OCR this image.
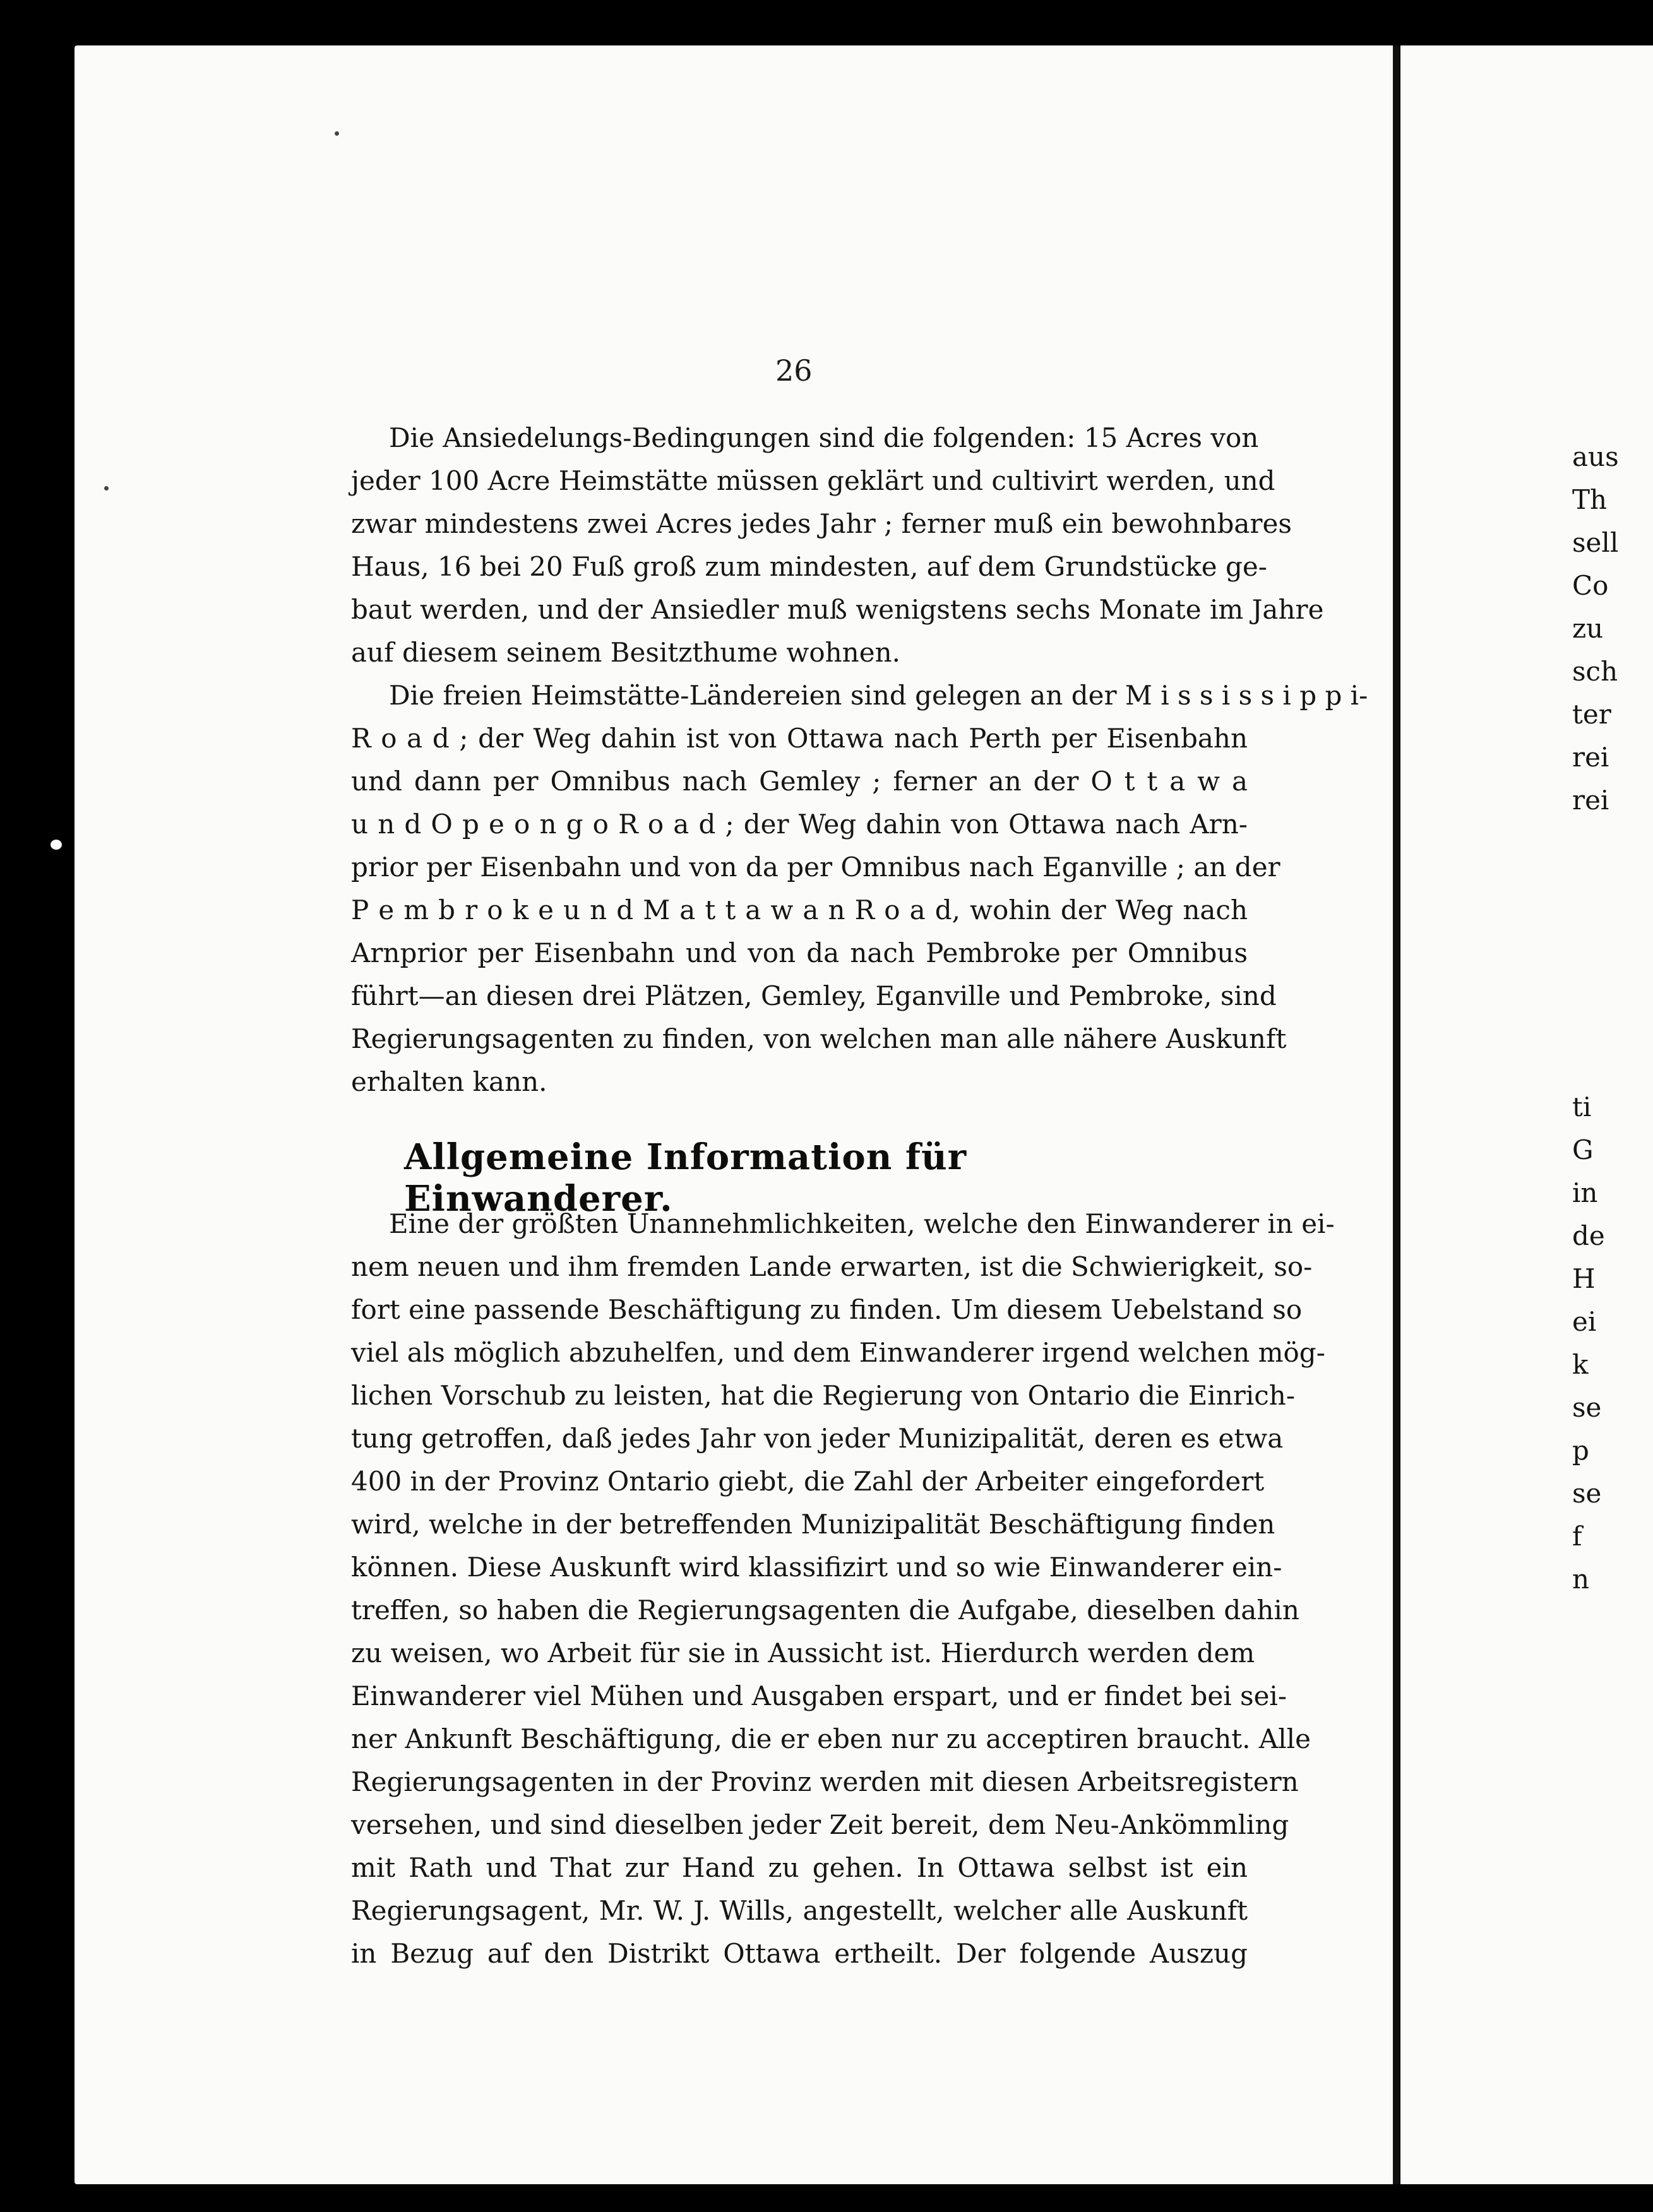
26
Die Ansiedelungs-Bedingungen sind die folgenden: 15 Acres von
jeder 100 Acre Heimstätte müssen geklärt und cultivirt werden, und
zwar mindestens zwei Acres jedes Jahr ; ferner muß ein bewohnbares
Haus, 16 bei 20 Fuß groß zum mindesten, auf dem Grundstücke ge-
baut werden, und der Ansiedler muß wenigstens sechs Monate im Jahre
auf diesem seinem Besitzthume wohnen.
Die freien Heimstätte-Ländereien sind gelegen an der M i s s i s s i p p i-
R o a d ; der Weg dahin ist von Ottawa nach Perth per Eisenbahn
und dann per Omnibus nach Gemley ; ferner an der O t t a w a
u n d O p e o n g o R o a d ; der Weg dahin von Ottawa nach Arn-
prior per Eisenbahn und von da per Omnibus nach Eganville ; an der
P e m b r o k e u n d M a t t a w a n R o a d, wohin der Weg nach
Arnprior per Eisenbahn und von da nach Pembroke per Omnibus
führt—an diesen drei Plätzen, Gemley, Eganville und Pembroke, sind
Regierungsagenten zu finden, von welchen man alle nähere Auskunft
erhalten kann.
Allgemeine Information für Einwanderer.
Eine der größten Unannehmlichkeiten, welche den Einwanderer in ei-
nem neuen und ihm fremden Lande erwarten, ist die Schwierigkeit, so-
fort eine passende Beschäftigung zu finden. Um diesem Uebelstand so
viel als möglich abzuhelfen, und dem Einwanderer irgend welchen mög-
lichen Vorschub zu leisten, hat die Regierung von Ontario die Einrich-
tung getroffen, daß jedes Jahr von jeder Munizipalität, deren es etwa
400 in der Provinz Ontario giebt, die Zahl der Arbeiter eingefordert
wird, welche in der betreffenden Munizipalität Beschäftigung finden
können. Diese Auskunft wird klassifizirt und so wie Einwanderer ein-
treffen, so haben die Regierungsagenten die Aufgabe, dieselben dahin
zu weisen, wo Arbeit für sie in Aussicht ist. Hierdurch werden dem
Einwanderer viel Mühen und Ausgaben erspart, und er findet bei sei-
ner Ankunft Beschäftigung, die er eben nur zu acceptiren braucht. Alle
Regierungsagenten in der Provinz werden mit diesen Arbeitsregistern
versehen, und sind dieselben jeder Zeit bereit, dem Neu-Ankömmling
mit Rath und That zur Hand zu gehen. In Ottawa selbst ist ein
Regierungsagent, Mr. W. J. Wills, angestellt, welcher alle Auskunft
in Bezug auf den Distrikt Ottawa ertheilt. Der folgende Auszug
aus
Th
sell
Co
zu
sch
ter
rei
rei
ti
G
in
de
H
ei
k
se
p
se
f
n
